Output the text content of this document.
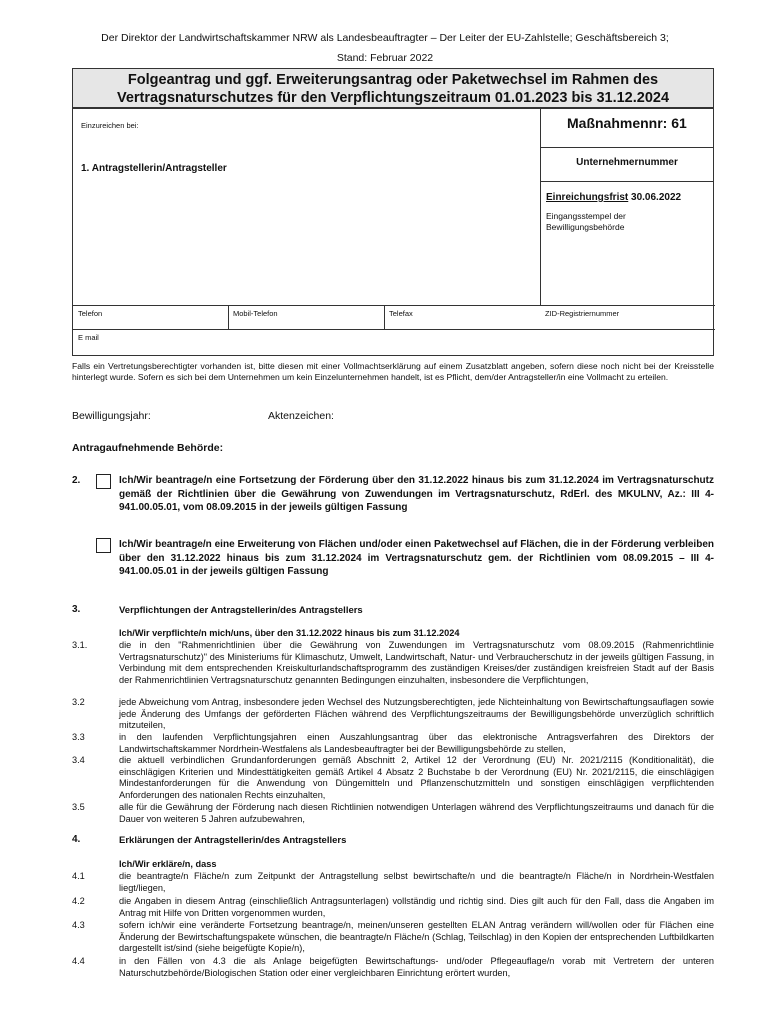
Der Direktor der Landwirtschaftskammer NRW als Landesbeauftragter – Der Leiter der EU-Zahlstelle; Geschäftsbereich 3;
Stand: Februar 2022
Folgeantrag und ggf. Erweiterungsantrag oder Paketwechsel im Rahmen des
Vertragsnaturschutzes für den Verpflichtungszeitraum 01.01.2023 bis 31.12.2024
Einzureichen bei:	Maßnahmennr: 61
1. Antragstellerin/Antragsteller
Unternehmernummer
Einreichungsfrist 30.06.2022
Eingangsstempel der Bewilligungsbehörde
Telefon	Mobil-Telefon	Telefax	ZID-Registriernummer
E mail
Falls ein Vertretungsberechtigter vorhanden ist, bitte diesen mit einer Vollmachtserklärung auf einem Zusatzblatt angeben, sofern diese noch nicht bei der Kreisstelle hinterlegt wurde. Sofern es sich bei dem Unternehmen um kein Einzelunternehmen handelt, ist es Pflicht, dem/der Antragsteller/in eine Vollmacht zu erteilen.
Bewilligungsjahr:	Aktenzeichen:
Antragaufnehmende Behörde:
2.	Ich/Wir beantrage/n eine Fortsetzung der Förderung über den 31.12.2022 hinaus bis zum 31.12.2024 im Vertragsnaturschutz gemäß der Richtlinien über die Gewährung von Zuwendungen im Vertragsnaturschutz, RdErl. des MKULNV, Az.: III 4-941.00.05.01, vom 08.09.2015 in der jeweils gültigen Fassung
Ich/Wir beantrage/n eine Erweiterung von Flächen und/oder einen Paketwechsel auf Flächen, die in der Förderung verbleiben über den 31.12.2022 hinaus bis zum 31.12.2024 im Vertragsnaturschutz gem. der Richtlinien vom 08.09.2015 – III 4-941.00.05.01 in der jeweils gültigen Fassung
3.	Verpflichtungen der Antragstellerin/des Antragstellers
Ich/Wir verpflichte/n mich/uns, über den 31.12.2022 hinaus bis zum 31.12.2024
3.1.	die in den "Rahmenrichtlinien über die Gewährung von Zuwendungen im Vertragsnaturschutz vom 08.09.2015 (Rahmenrichtlinie Vertragsnaturschutz)" des Ministeriums für Klimaschutz, Umwelt, Landwirtschaft, Natur- und Verbraucherschutz in der jeweils gültigen Fassung, in Verbindung mit dem entsprechenden Kreiskulturlandschaftsprogramm des zuständigen Kreises/der zuständigen kreisfreien Stadt auf der Basis der Rahmenrichtlinien Vertragsnaturschutz genannten Bedingungen einzuhalten, insbesondere die Verpflichtungen,
3.2	jede Abweichung vom Antrag, insbesondere jeden Wechsel des Nutzungsberechtigten, jede Nichteinhaltung von Bewirtschaftungsauflagen sowie jede Änderung des Umfangs der geförderten Flächen während des Verpflichtungszeitraums der Bewilligungsbehörde unverzüglich schriftlich mitzuteilen,
3.3	in den laufenden Verpflichtungsjahren einen Auszahlungsantrag über das elektronische Antragsverfahren des Direktors der Landwirtschaftskammer Nordrhein-Westfalens als Landesbeauftragter bei der Bewilligungsbehörde zu stellen,
3.4	die aktuell verbindlichen Grundanforderungen gemäß Abschnitt 2, Artikel 12 der Verordnung (EU) Nr. 2021/2115 (Konditionalität), die einschlägigen Kriterien und Mindesttätigkeiten gemäß Artikel 4 Absatz 2 Buchstabe b der Verordnung (EU) Nr. 2021/2115, die einschlägigen Mindestanforderungen für die Anwendung von Düngemitteln und Pflanzenschutzmitteln und sonstigen einschlägigen verpflichtenden Anforderungen des nationalen Rechts einzuhalten,
3.5	alle für die Gewährung der Förderung nach diesen Richtlinien notwendigen Unterlagen während des Verpflichtungszeitraums und danach für die Dauer von weiteren 5 Jahren aufzubewahren,
4.	Erklärungen der Antragstellerin/des Antragstellers
Ich/Wir erkläre/n, dass
4.1	die beantragte/n Fläche/n zum Zeitpunkt der Antragstellung selbst bewirtschafte/n und die beantragte/n Fläche/n in Nordrhein-Westfalen liegt/liegen,
4.2	die Angaben in diesem Antrag (einschließlich Antragsunterlagen) vollständig und richtig sind. Dies gilt auch für den Fall, dass die Angaben im Antrag mit Hilfe von Dritten vorgenommen wurden,
4.3	sofern ich/wir eine veränderte Fortsetzung beantrage/n, meinen/unseren gestellten ELAN Antrag verändern will/wollen oder für Flächen eine Änderung der Bewirtschaftungspakete wünschen, die beantragte/n Fläche/n (Schlag, Teilschlag) in den Kopien der entsprechenden Luftbildkarten dargestellt ist/sind (siehe beigefügte Kopie/n),
4.4	in den Fällen von 4.3 die als Anlage beigefügten Bewirtschaftungs- und/oder Pflegeauflage/n vorab mit Vertretern der unteren Naturschutzbehörde/Biologischen Station oder einer vergleichbaren Einrichtung erörtert wurden,
